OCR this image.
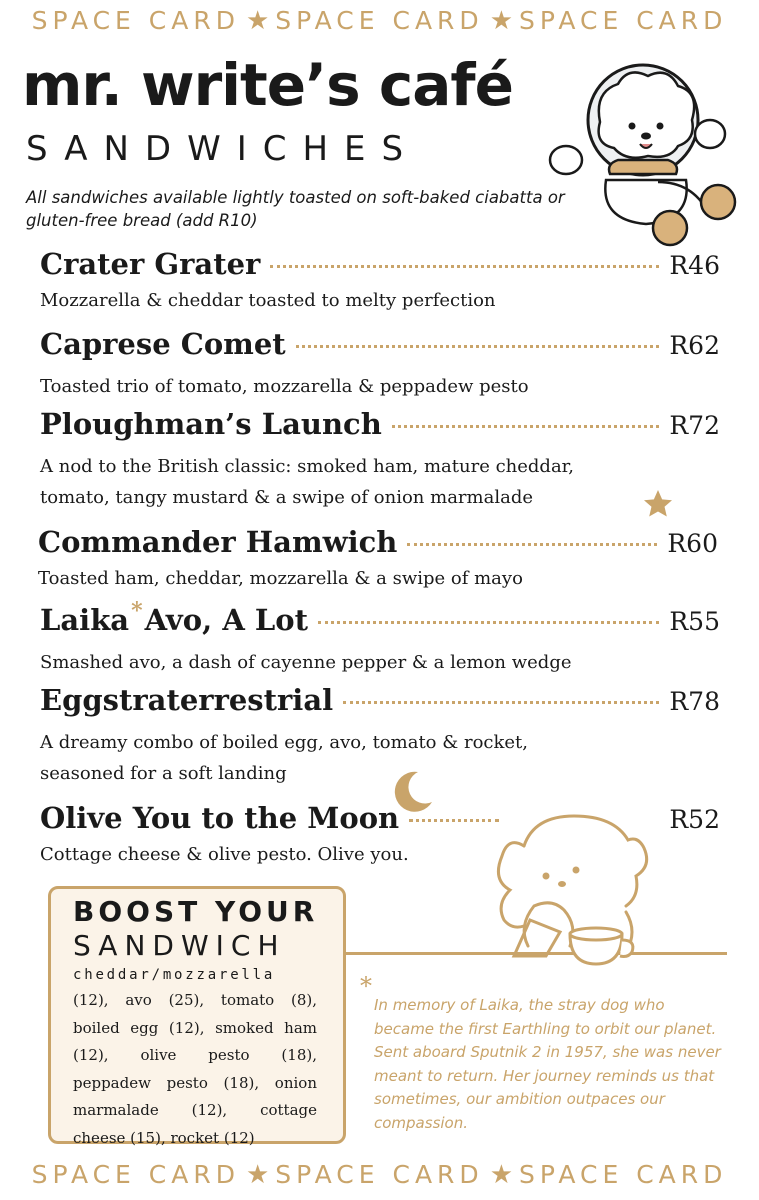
SPACE CARD ★ SPACE CARD ★ SPACE CARD
mr. write’s café
SANDWICHES
All sandwiches available lightly toasted on soft-baked ciabatta or gluten-free bread (add R10)
Crater Grater	R46
Mozzarella & cheddar toasted to melty perfection
Caprese Comet	R62
Toasted trio of tomato, mozzarella & peppadew pesto
Ploughman’s Launch	R72
A nod to the British classic: smoked ham, mature cheddar,
tomato, tangy mustard & a swipe of onion marmalade
Commander Hamwich	R60
Toasted ham, cheddar, mozzarella & a swipe of mayo
Laika*Avo, A Lot	R55
Smashed avo, a dash of cayenne pepper & a lemon wedge
Eggstraterrestrial	R78
A dreamy combo of boiled egg, avo, tomato & rocket,
seasoned for a soft landing
Olive You to the Moon	R52
Cottage cheese & olive pesto. Olive you.
BOOST YOUR
SANDWICH
cheddar/mozzarella
(12), avo (25), tomato (8), boiled egg (12), smoked ham (12), olive pesto (18), peppadew pesto (18), onion marmalade (12), cottage cheese (15), rocket (12)
*
In memory of Laika, the stray dog who became the first Earthling to orbit our planet. Sent aboard Sputnik 2 in 1957, she was never meant to return. Her journey reminds us that sometimes, our ambition outpaces our compassion.
SPACE CARD ★ SPACE CARD ★ SPACE CARD
